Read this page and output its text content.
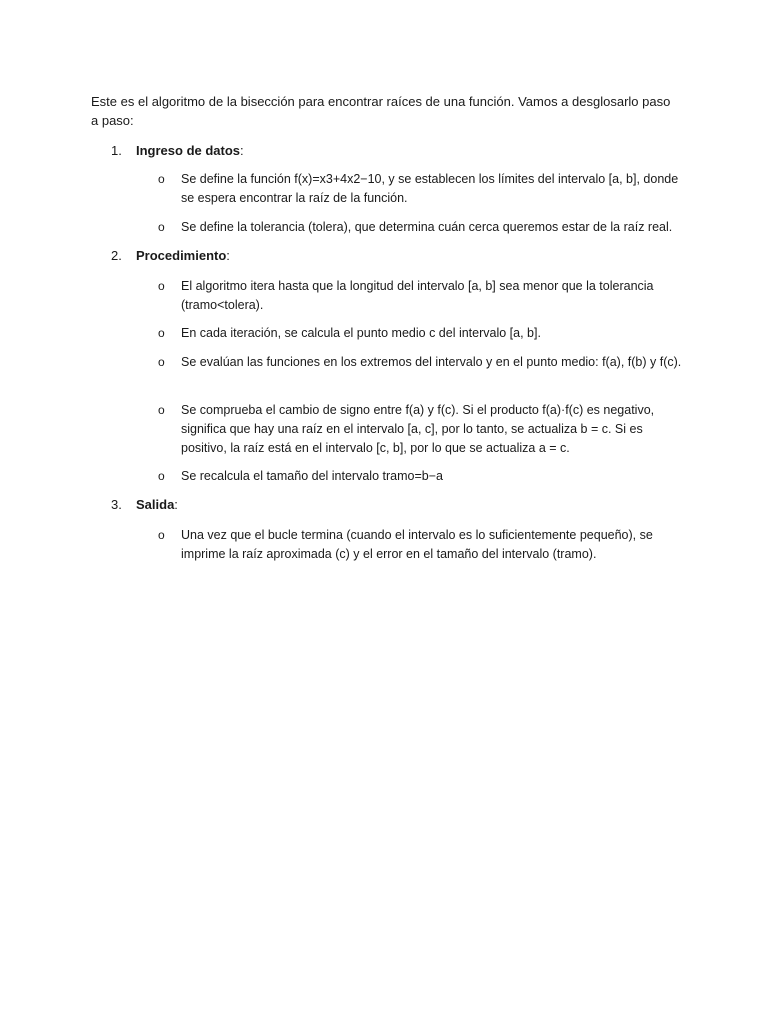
Este es el algoritmo de la bisección para encontrar raíces de una función. Vamos a desglosarlo paso a paso:
1.	Ingreso de datos:
o	Se define la función f(x)=x3+4x2−10, y se establecen los límites del intervalo [a, b], donde se espera encontrar la raíz de la función.
o	Se define la tolerancia (tolera), que determina cuán cerca queremos estar de la raíz real.
2.	Procedimiento:
o	El algoritmo itera hasta que la longitud del intervalo [a, b] sea menor que la tolerancia (tramo<tolera).
o	En cada iteración, se calcula el punto medio c del intervalo [a, b].
o	Se evalúan las funciones en los extremos del intervalo y en el punto medio: f(a), f(b) y f(c).
o	Se comprueba el cambio de signo entre f(a) y f(c). Si el producto f(a)·f(c) es negativo, significa que hay una raíz en el intervalo [a, c], por lo tanto, se actualiza b = c. Si es positivo, la raíz está en el intervalo [c, b], por lo que se actualiza a = c.
o	Se recalcula el tamaño del intervalo tramo=b−a
3.	Salida:
o	Una vez que el bucle termina (cuando el intervalo es lo suficientemente pequeño), se imprime la raíz aproximada (c) y el error en el tamaño del intervalo (tramo).
